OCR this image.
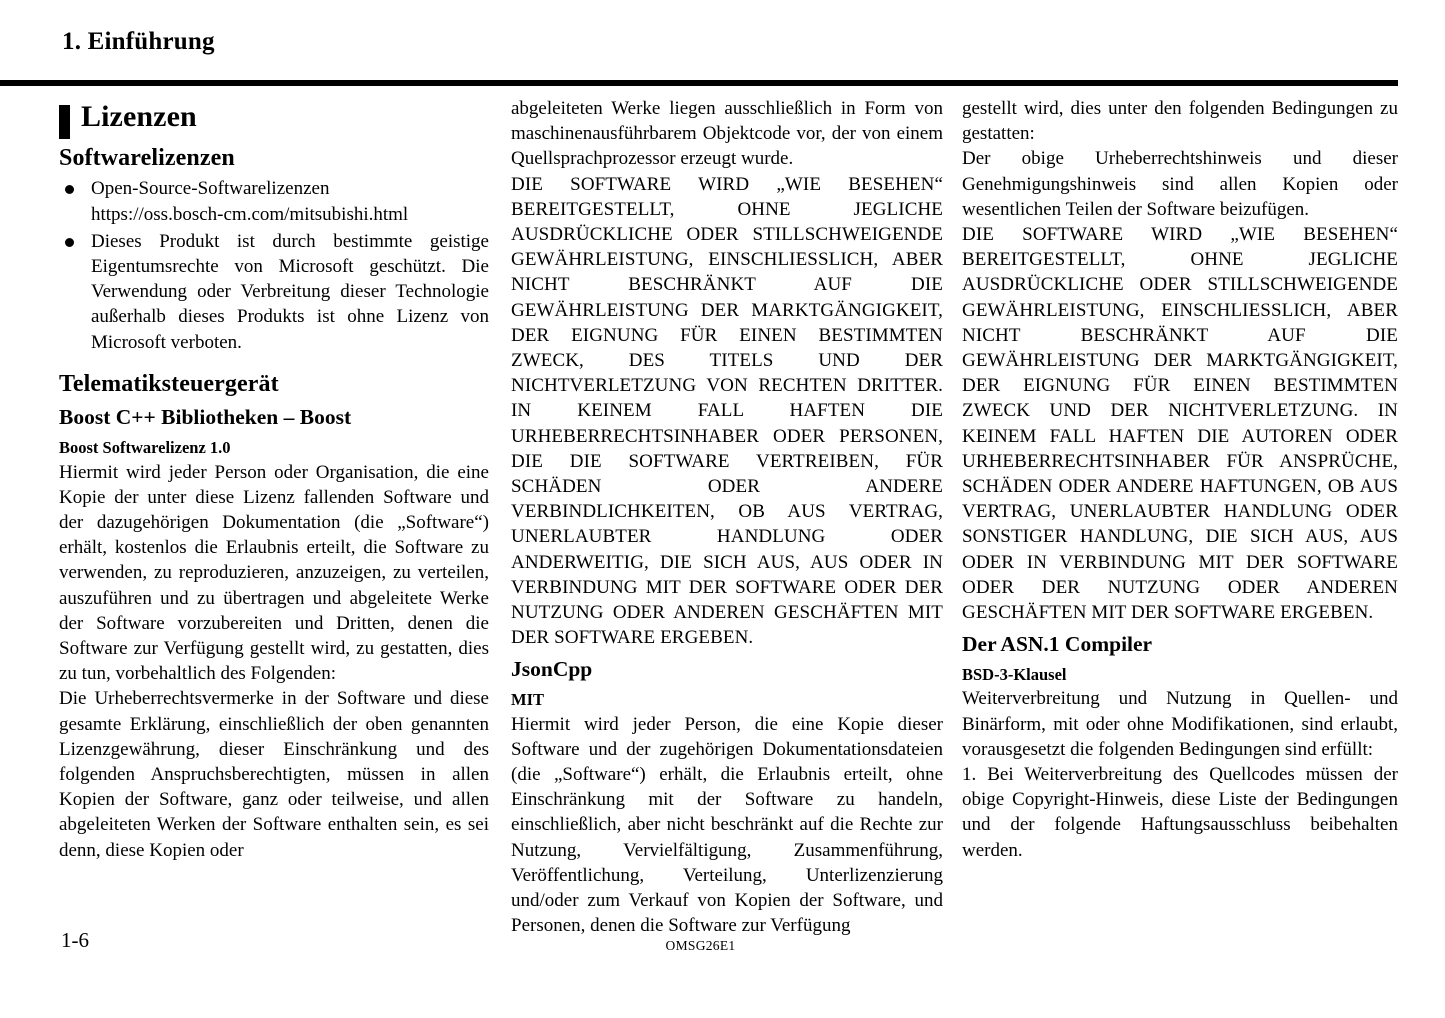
1. Einführung
Lizenzen
Softwarelizenzen
Open-Source-Softwarelizenzen
https://oss.bosch-cm.com/mitsubishi.html
Dieses Produkt ist durch bestimmte geistige Eigentumsrechte von Microsoft geschützt. Die Verwendung oder Verbreitung dieser Technologie außerhalb dieses Produkts ist ohne Lizenz von Microsoft verboten.
Telematiksteuergerät
Boost C++ Bibliotheken – Boost
Boost Softwarelizenz 1.0

Hiermit wird jeder Person oder Organisation, die eine Kopie der unter diese Lizenz fallenden Software und der dazugehörigen Dokumentation (die „Software“) erhält, kostenlos die Erlaubnis erteilt, die Software zu verwenden, zu reproduzieren, anzuzeigen, zu verteilen, auszuführen und zu übertragen und abgeleitete Werke der Software vorzubereiten und Dritten, denen die Software zur Verfügung gestellt wird, zu gestatten, dies zu tun, vorbehaltlich des Folgenden:

Die Urheberrechtsvermerke in der Software und diese gesamte Erklärung, einschließlich der oben genannten Lizenzgewährung, dieser Einschränkung und des folgenden Anspruchsberechtigten, müssen in allen Kopien der Software, ganz oder teilweise, und allen abgeleiteten Werken der Software enthalten sein, es sei denn, diese Kopien oder

abgeleiteten Werke liegen ausschließlich in Form von maschinenausführbarem Objektcode vor, der von einem Quellsprachprozessor erzeugt wurde.

DIE SOFTWARE WIRD „WIE BESEHEN“ BEREITGESTELLT, OHNE JEGLICHE AUSDRÜCKLICHE ODER STILLSCHWEIGENDE GEWÄHRLEISTUNG, EINSCHLIESSLICH, ABER NICHT BESCHRÄNKT AUF DIE GEWÄHRLEISTUNG DER MARKTGÄNGIGKEIT, DER EIGNUNG FÜR EINEN BESTIMMTEN ZWECK, DES TITELS UND DER NICHTVERLETZUNG VON RECHTEN DRITTER. IN KEINEM FALL HAFTEN DIE URHEBERRECHTSINHABER ODER PERSONEN, DIE DIE SOFTWARE VERTREIBEN, FÜR SCHÄDEN ODER ANDERE VERBINDLICHKEITEN, OB AUS VERTRAG, UNERLAUBTER HANDLUNG ODER ANDERWEITIG, DIE SICH AUS, AUS ODER IN VERBINDUNG MIT DER SOFTWARE ODER DER NUTZUNG ODER ANDEREN GESCHÄFTEN MIT DER SOFTWARE ERGEBEN.

JsonCpp
MIT

Hiermit wird jeder Person, die eine Kopie dieser Software und der zugehörigen Dokumentationsdateien (die „Software“) erhält, die Erlaubnis erteilt, ohne Einschränkung mit der Software zu handeln, einschließlich, aber nicht beschränkt auf die Rechte zur Nutzung, Vervielfältigung, Zusammenführung, Veröffentlichung, Verteilung, Unterlizenzierung und/oder zum Verkauf von Kopien der Software, und Personen, denen die Software zur Verfügung

gestellt wird, dies unter den folgenden Bedingungen zu gestatten:

Der obige Urheberrechtshinweis und dieser Genehmigungshinweis sind allen Kopien oder wesentlichen Teilen der Software beizufügen.

DIE SOFTWARE WIRD „WIE BESEHEN“ BEREITGESTELLT, OHNE JEGLICHE AUSDRÜCKLICHE ODER STILLSCHWEIGENDE GEWÄHRLEISTUNG, EINSCHLIESSLICH, ABER NICHT BESCHRÄNKT AUF DIE GEWÄHRLEISTUNG DER MARKTGÄNGIGKEIT, DER EIGNUNG FÜR EINEN BESTIMMTEN ZWECK UND DER NICHTVERLETZUNG. IN KEINEM FALL HAFTEN DIE AUTOREN ODER URHEBERRECHTSINHABER FÜR ANSPRÜCHE, SCHÄDEN ODER ANDERE HAFTUNGEN, OB AUS VERTRAG, UNERLAUBTER HANDLUNG ODER SONSTIGER HANDLUNG, DIE SICH AUS, AUS ODER IN VERBINDUNG MIT DER SOFTWARE ODER DER NUTZUNG ODER ANDEREN GESCHÄFTEN MIT DER SOFTWARE ERGEBEN.

Der ASN.1 Compiler
BSD-3-Klausel

Weiterverbreitung und Nutzung in Quellen- und Binärform, mit oder ohne Modifikationen, sind erlaubt, vorausgesetzt die folgenden Bedingungen sind erfüllt:

1. Bei Weiterverbreitung des Quellcodes müssen der obige Copyright-Hinweis, diese Liste der Bedingungen und der folgende Haftungsausschluss beibehalten werden.

1-6	OMSG26E1
